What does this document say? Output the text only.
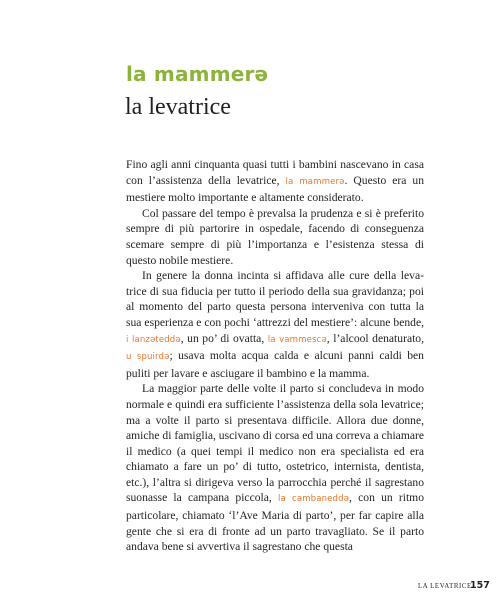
la mammerə
la levatrice

Fino agli anni cinquanta quasi tutti i bambini nascevano in casa con l’assistenza della levatrice, la mammerə. Questo era un mestiere molto importante e altamente considerato.

Col passare del tempo è prevalsa la prudenza e si è preferito sempre di più partorire in ospedale, facendo di conseguenza scemare sempre di più l’importanza e l’esistenza stessa di questo nobile mestiere.

In genere la donna incinta si affidava alle cure della levatrice di sua fiducia per tutto il periodo della sua gravidanza; poi al momento del parto questa persona interveniva con tutta la sua esperienza e con pochi ‘attrezzi del mestiere’: alcune bende, i lanzəteddə, un po’ di ovatta, la vammescə, l’alcool denaturato, u spuirdə; usava molta acqua calda e alcuni panni caldi ben puliti per lavare e asciugare il bambino e la mamma.

La maggior parte delle volte il parto si concludeva in modo normale e quindi era sufficiente l’assistenza della sola levatrice; ma a volte il parto si presentava difficile. Allora due donne, amiche di famiglia, uscivano di corsa ed una correva a chiamare il medico (a quei tempi il medico non era specialista ed era chiamato a fare un po’ di tutto, ostetrico, internista, dentista, etc.), l’altra si dirigeva verso la parrocchia perché il sagrestano suonasse la campana piccola, la cambaneddə, con un ritmo particolare, chiamato ‘l’Ave Maria di parto’, per far capire alla gente che si era di fronte ad un parto travagliato. Se il parto andava bene si avvertiva il sagrestano che questa

LA LEVATRICE
157
